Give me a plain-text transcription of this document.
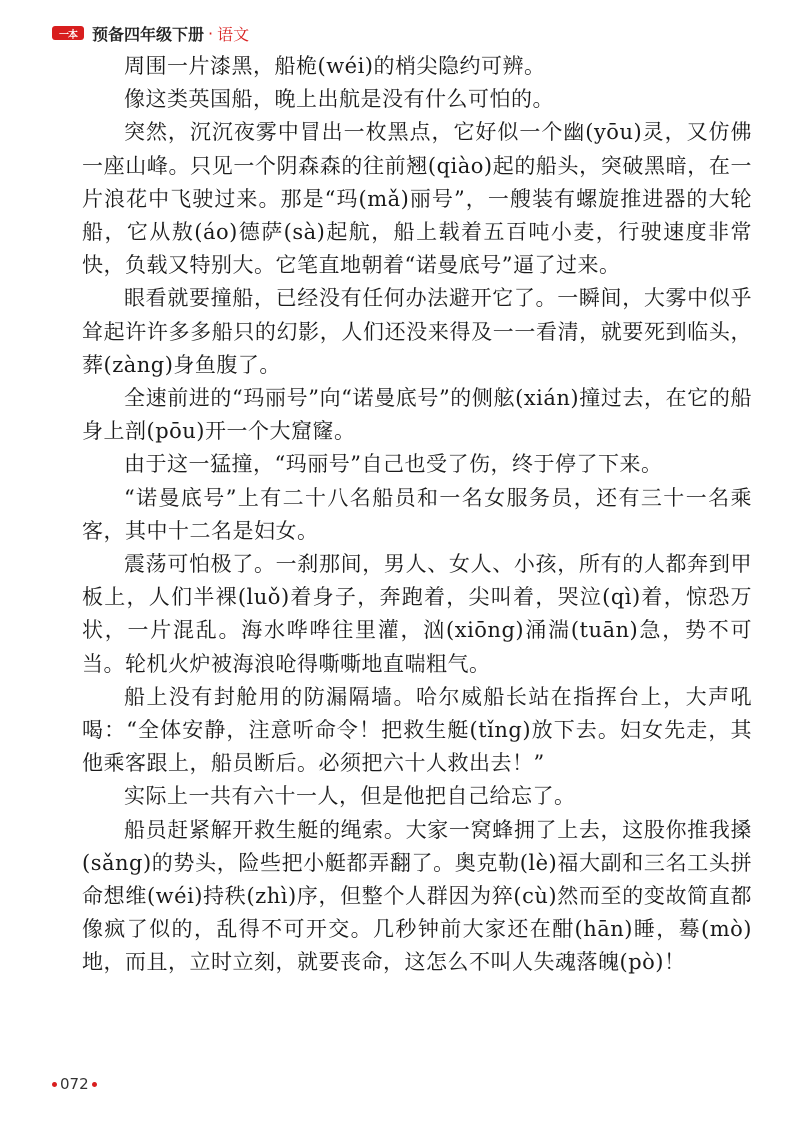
一本 预备四年级下册 · 语文

周围一片漆黑，船桅(wéi)的梢尖隐约可辨。

像这类英国船，晚上出航是没有什么可怕的。

突然，沉沉夜雾中冒出一枚黑点，它好似一个幽(yōu)灵，又仿佛一座山峰。只见一个阴森森的往前翘(qiào)起的船头，突破黑暗，在一片浪花中飞驶过来。那是“玛(mǎ)丽号”，一艘装有螺旋推进器的大轮船，它从敖(áo)德萨(sà)起航，船上载着五百吨小麦，行驶速度非常快，负载又特别大。它笔直地朝着“诺曼底号”逼了过来。

眼看就要撞船，已经没有任何办法避开它了。一瞬间，大雾中似乎耸起许许多多船只的幻影，人们还没来得及一一看清，就要死到临头，葬(zàng)身鱼腹了。

全速前进的“玛丽号”向“诺曼底号”的侧舷(xián)撞过去，在它的船身上剖(pōu)开一个大窟窿。

由于这一猛撞，“玛丽号”自己也受了伤，终于停了下来。

“诺曼底号”上有二十八名船员和一名女服务员，还有三十一名乘客，其中十二名是妇女。

震荡可怕极了。一刹那间，男人、女人、小孩，所有的人都奔到甲板上，人们半裸(luǒ)着身子，奔跑着，尖叫着，哭泣(qì)着，惊恐万状，一片混乱。海水哗哗往里灌，汹(xiōng)涌湍(tuān)急，势不可当。轮机火炉被海浪呛得嘶嘶地直喘粗气。

船上没有封舱用的防漏隔墙。哈尔威船长站在指挥台上，大声吼喝：“全体安静，注意听命令！把救生艇(tǐng)放下去。妇女先走，其他乘客跟上，船员断后。必须把六十人救出去！”

实际上一共有六十一人，但是他把自己给忘了。

船员赶紧解开救生艇的绳索。大家一窝蜂拥了上去，这股你推我搡(sǎng)的势头，险些把小艇都弄翻了。奥克勒(lè)福大副和三名工头拼命想维(wéi)持秩(zhì)序，但整个人群因为猝(cù)然而至的变故简直都像疯了似的，乱得不可开交。几秒钟前大家还在酣(hān)睡，蓦(mò)地，而且，立时立刻，就要丧命，这怎么不叫人失魂落魄(pò)！

072
